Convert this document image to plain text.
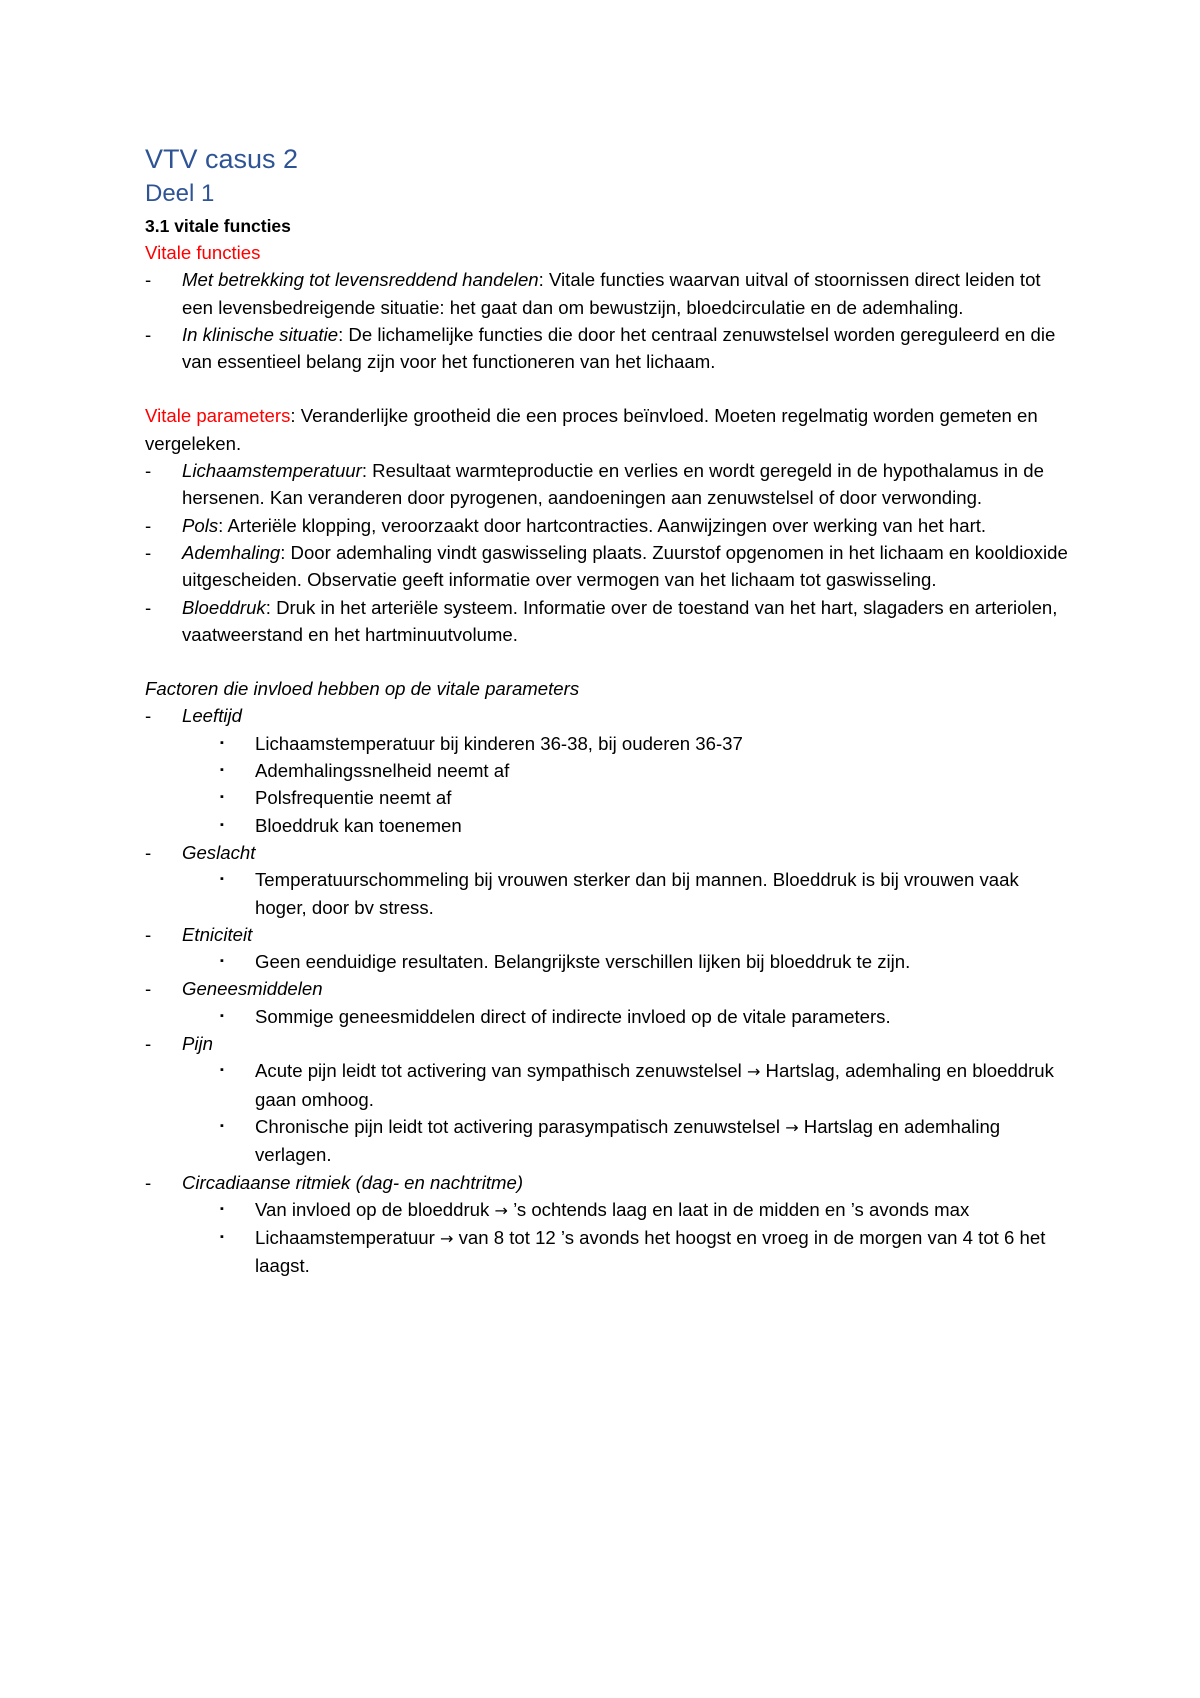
VTV casus 2
Deel 1
3.1 vitale functies

Vitale functies

- Met betrekking tot levensreddend handelen: Vitale functies waarvan uitval of stoornissen direct leiden tot een levensbedreigende situatie: het gaat dan om bewustzijn, bloedcirculatie en de ademhaling.
- In klinische situatie: De lichamelijke functies die door het centraal zenuwstelsel worden gereguleerd en die van essentieel belang zijn voor het functioneren van het lichaam.

Vitale parameters: Veranderlijke grootheid die een proces beïnvloed. Moeten regelmatig worden gemeten en vergeleken.

- Lichaamstemperatuur: Resultaat warmteproductie en verlies en wordt geregeld in de hypothalamus in de hersenen. Kan veranderen door pyrogenen, aandoeningen aan zenuwstelsel of door verwonding.
- Pols: Arteriële klopping, veroorzaakt door hartcontracties. Aanwijzingen over werking van het hart.
- Ademhaling: Door ademhaling vindt gaswisseling plaats. Zuurstof opgenomen in het lichaam en kooldioxide uitgescheiden. Observatie geeft informatie over vermogen van het lichaam tot gaswisseling.
- Bloeddruk: Druk in het arteriële systeem. Informatie over de toestand van het hart, slagaders en arteriolen, vaatweerstand en het hartminuutvolume.

Factoren die invloed hebben op de vitale parameters

- Leeftijd
▪ Lichaamstemperatuur bij kinderen 36-38, bij ouderen 36-37
▪ Ademhalingssnelheid neemt af
▪ Polsfrequentie neemt af
▪ Bloeddruk kan toenemen
- Geslacht
▪ Temperatuurschommeling bij vrouwen sterker dan bij mannen. Bloeddruk is bij vrouwen vaak hoger, door bv stress.
- Etniciteit
▪ Geen eenduidige resultaten. Belangrijkste verschillen lijken bij bloeddruk te zijn.
- Geneesmiddelen
▪ Sommige geneesmiddelen direct of indirecte invloed op de vitale parameters.
- Pijn
▪ Acute pijn leidt tot activering van sympathisch zenuwstelsel → Hartslag, ademhaling en bloeddruk gaan omhoog.
▪ Chronische pijn leidt tot activering parasympatisch zenuwstelsel → Hartslag en ademhaling verlagen.
- Circadiaanse ritmiek (dag- en nachtritme)
▪ Van invloed op de bloeddruk → ’s ochtends laag en laat in de midden en ’s avonds max
▪ Lichaamstemperatuur → van 8 tot 12 ’s avonds het hoogst en vroeg in de morgen van 4 tot 6 het laagst.
